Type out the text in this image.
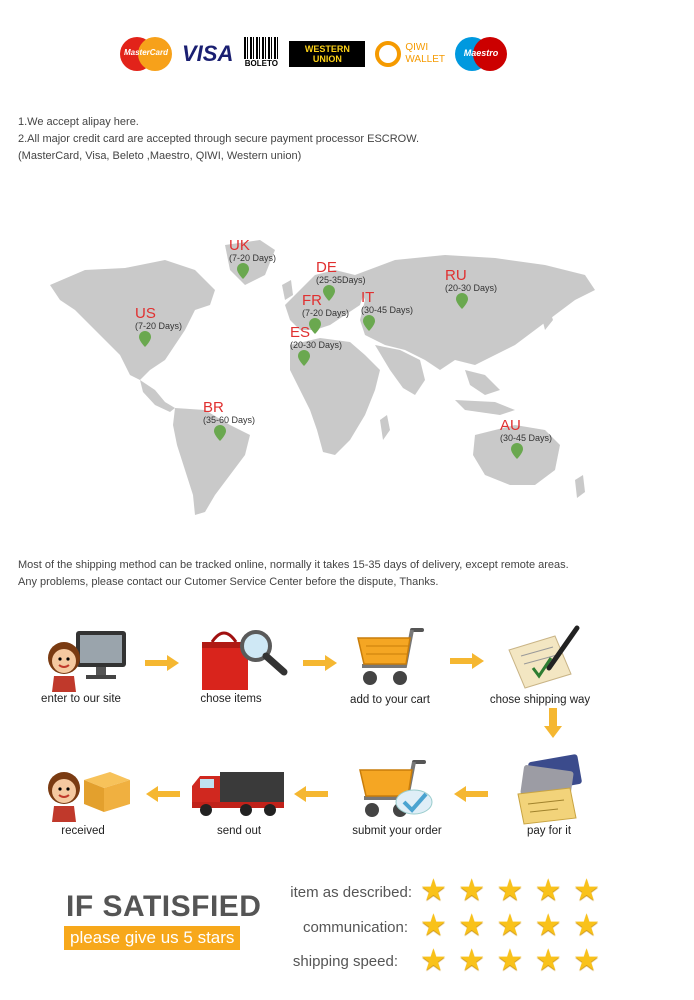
MasterCard VISA BOLETO
WESTERN
UNION
QIWI
WALLET
Maestro
1.We accept alipay here.
2.All major credit card are accepted through secure payment processor ESCROW.
(MasterCard, Visa, Beleto ,Maestro, QIWI, Western union)
UK
(7-20 Days)
DE
(25-35Days)
FR
(7-20 Days)
IT
(30-45 Days)
ES
(20-30 Days)
RU
(20-30 Days)
US
(7-20 Days)
BR
(35-60 Days)	AU
(30-45 Days)
Most of the shipping method can be tracked online, normally it takes 15-35 days of delivery, except remote areas.
Any problems, please contact our Cutomer Service Center before the dispute, Thanks.
enter to our site	chose items	add to your cart	chose shipping way
pay for it
submit your order
send out
received
IF SATISFIED
please give us 5 stars
item as described: ★ ★ ★ ★ ★
communication: ★ ★ ★ ★ ★
shipping speed: ★ ★ ★ ★ ★
